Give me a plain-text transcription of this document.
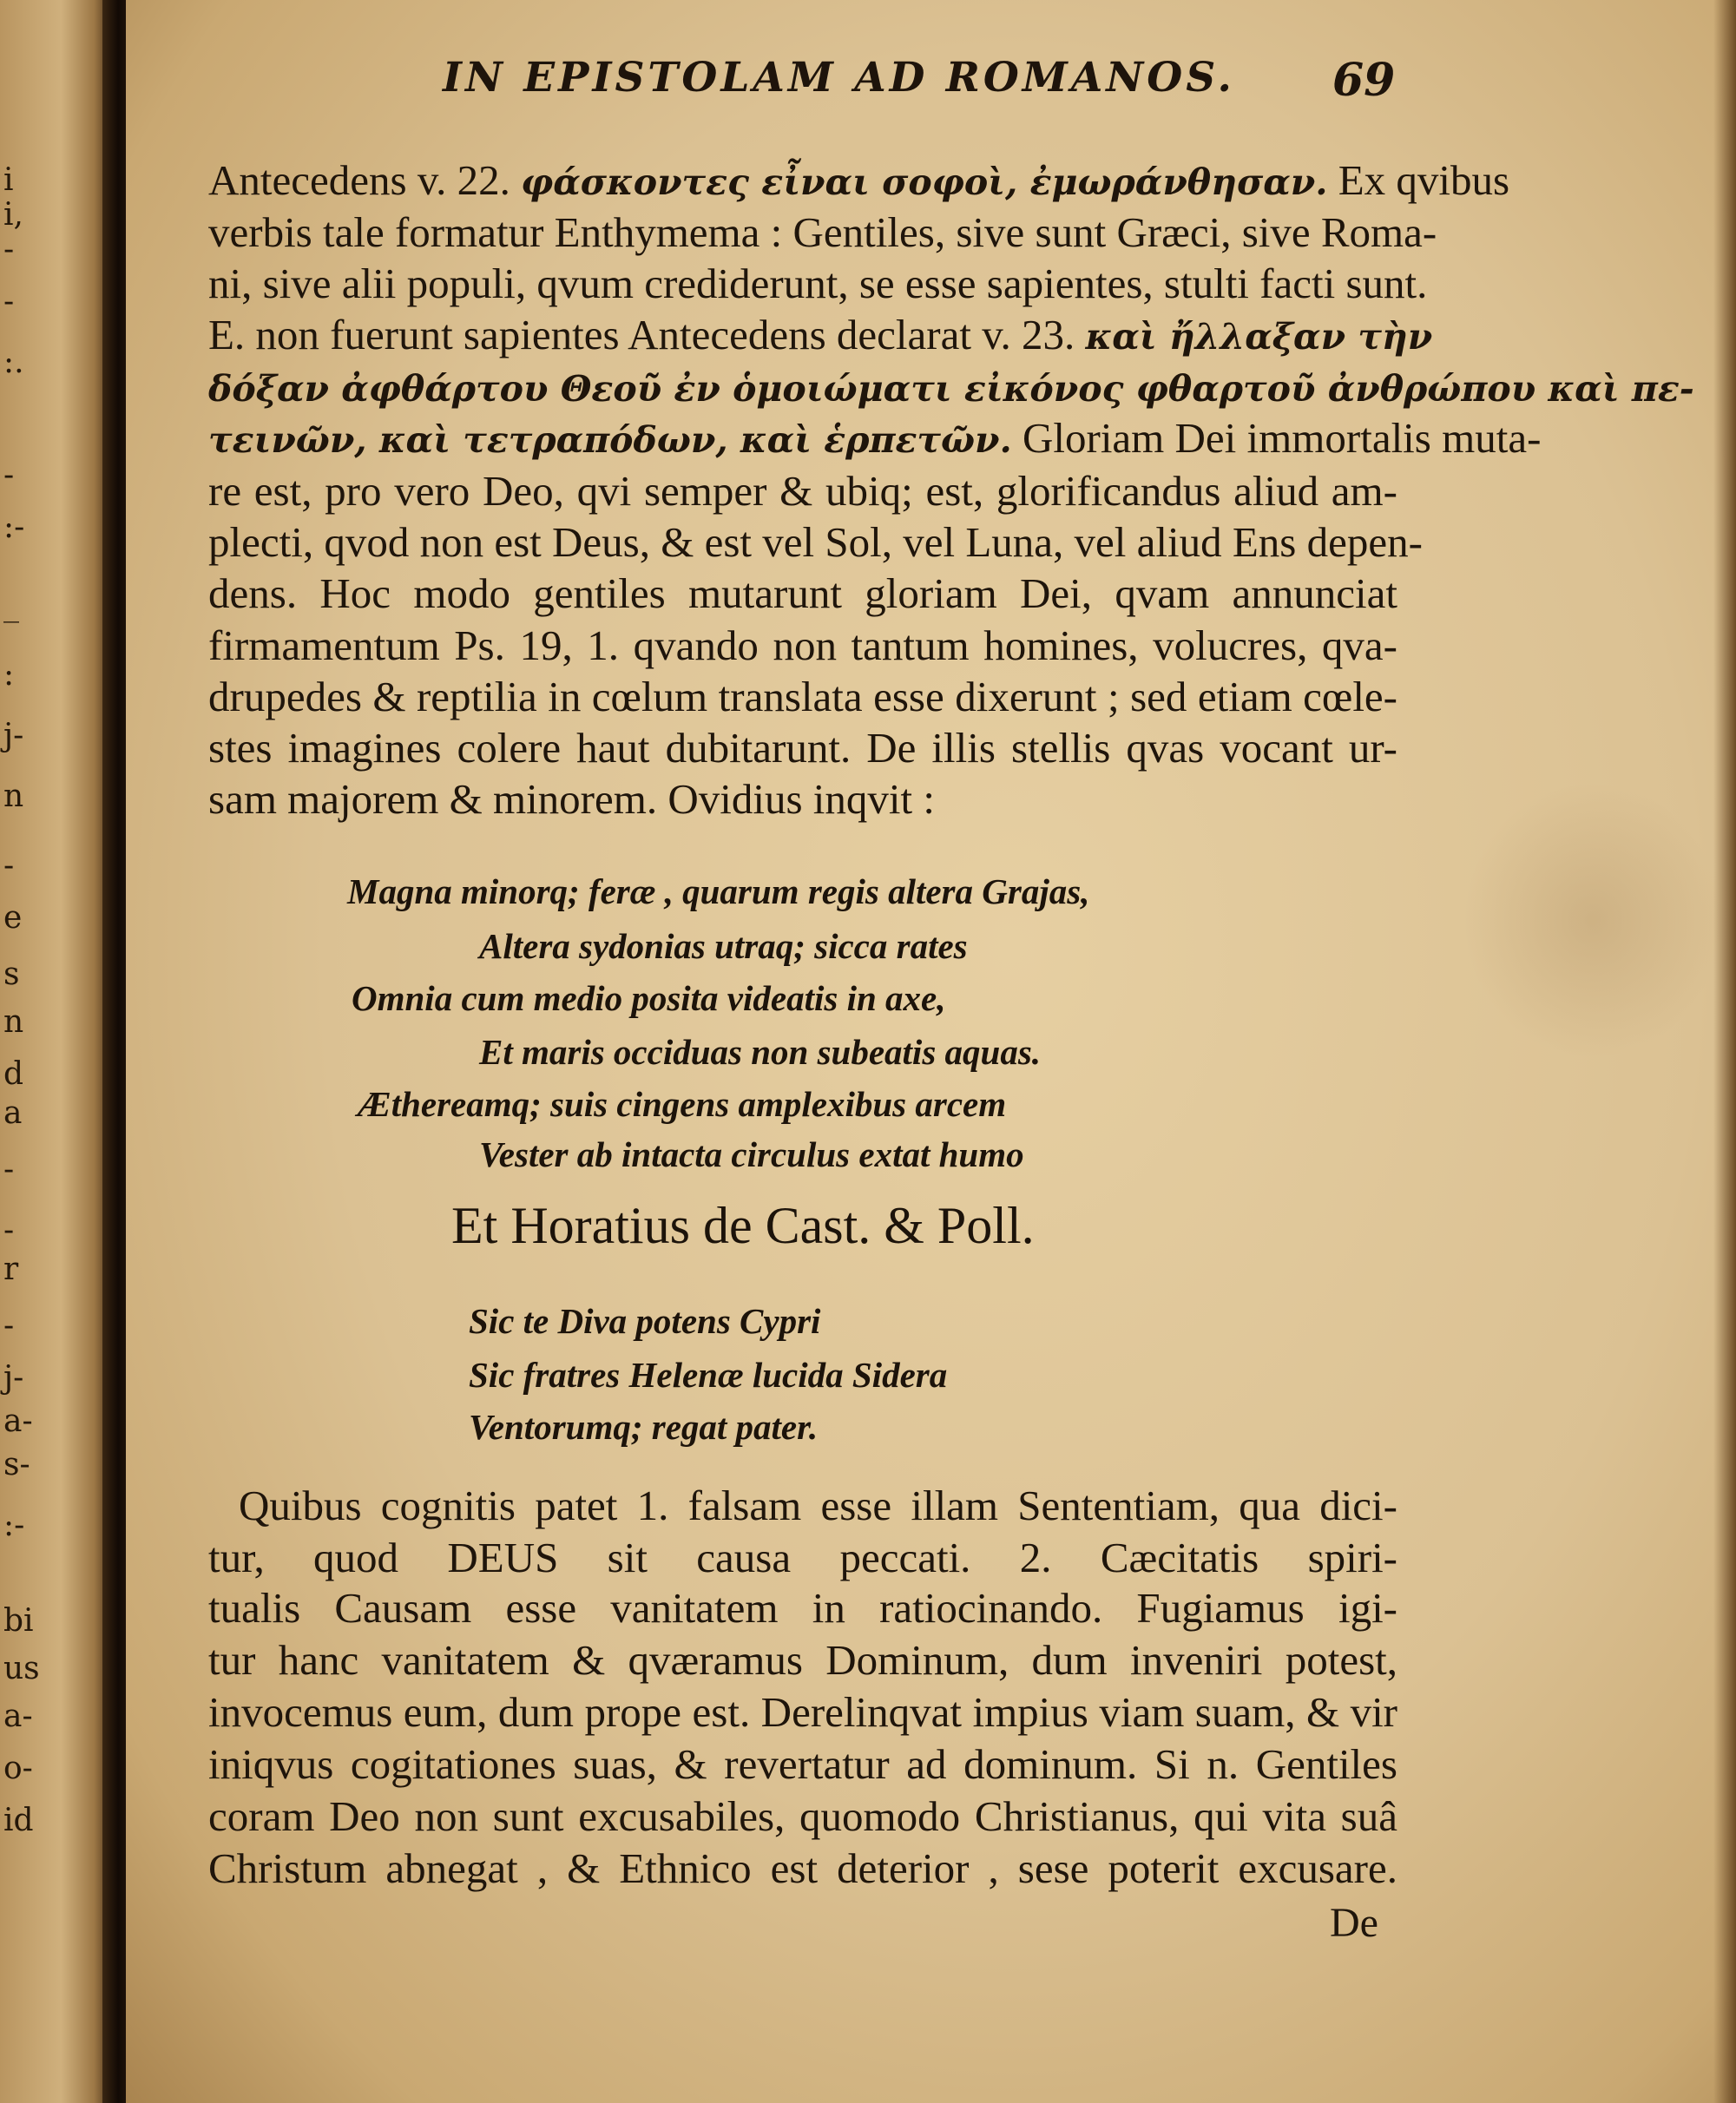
i
i,
-
-
:.
-
:-
_
:
j-
n
-
e
s
n
d
a
-
-
r
-
j-
a-
s-
:-
bi
us
a-
o-
id
IN EPISTOLAM AD ROMANOS. 69
Antecedens v. 22. φάσκοντες εἶναι σοφοὶ, ἐμωράνθησαν. Ex qvibus
verbis tale formatur Enthymema : Gentiles, sive sunt Græci, sive Roma-
ni, sive alii populi, qvum crediderunt, se esse sapientes, stulti facti sunt.
E. non fuerunt sapientes Antecedens declarat v. 23. καὶ ἤλλαξαν τὴν
δόξαν ἀφθάρτου Θεοῦ ἐν ὁμοιώματι εἰκόνος φθαρτοῦ ἀνθρώπου καὶ πε-
τεινῶν, καὶ τετραπόδων, καὶ ἑρπετῶν. Gloriam Dei immortalis muta-
re est, pro vero Deo, qvi semper & ubiq; est, glorificandus aliud am-
plecti, qvod non est Deus, & est vel Sol, vel Luna, vel aliud Ens depen-
dens. Hoc modo gentiles mutarunt gloriam Dei, qvam annunciat
firmamentum Ps. 19, 1. qvando non tantum homines, volucres, qva-
drupedes & reptilia in cœlum translata esse dixerunt ; sed etiam cœle-
stes imagines colere haut dubitarunt. De illis stellis qvas vocant ur-
sam majorem & minorem. Ovidius inqvit :
Magna minorq; feræ , quarum regis altera Grajas,
Altera sydonias utraq; sicca rates
Omnia cum medio posita videatis in axe,
Et maris occiduas non subeatis aquas.
Æthereamq; suis cingens amplexibus arcem
Vester ab intacta circulus extat humo
Et Horatius de Cast. & Poll.
Sic te Diva potens Cypri
Sic fratres Helenæ lucida Sidera
Ventorumq; regat pater.
Quibus cognitis patet 1. falsam esse illam Sententiam, qua dici-
tur, quod DEUS sit causa peccati. 2. Cæcitatis spiri-
tualis Causam esse vanitatem in ratiocinando. Fugiamus igi-
tur hanc vanitatem & qværamus Dominum, dum inveniri potest,
invocemus eum, dum prope est. Derelinqvat impius viam suam, & vir
iniqvus cogitationes suas, & revertatur ad dominum. Si n. Gentiles
coram Deo non sunt excusabiles, quomodo Christianus, qui vita suâ
Christum abnegat , & Ethnico est deterior , sese poterit excusare.
De
